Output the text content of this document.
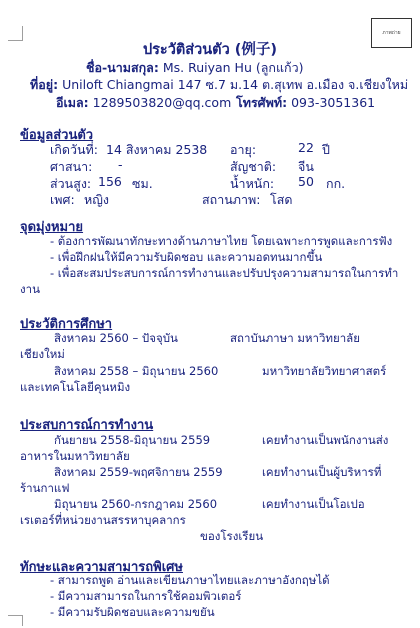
ภาพถ่าย
ประวัติส่วนตัว (例子)
ชื่อ-นามสกุล: Ms. Ruiyan Hu (ลูกแก้ว)
ที่อยู่: Uniloft Chiangmai 147 ซ.7 ม.14 ต.สุเทพ อ.เมือง จ.เชียงใหม่
อีเมล: 1289503820@qq.com โทรศัพท์: 093-3051361
ข้อมูลส่วนตัว
เกิดวันที่: 14 สิงหาคม 2538 อายุ:	22 ปี
ศาสนา: -	สัญชาติ: จีน
ส่วนสูง: 156 ซม.	น้ำหนัก: 50 กก.
เพศ: หญิง	สถานภาพ: โสด
จุดมุ่งหมาย
- ต้องการพัฒนาทักษะทางด้านภาษาไทย โดยเฉพาะการพูดและการฟัง
- เพื่อฝึกฝนให้มีความรับผิดชอบ และความอดทนมากขึ้น
- เพื่อสะสมประสบการณ์การทำงานและปรับปรุงความสามารถในการทำ
งาน
ประวัติการศึกษา
สิงหาคม 2560 – ปัจจุบัน	สถาบันภาษา มหาวิทยาลัย
เชียงใหม่
สิงหาคม 2558 – มิถุนายน 2560	มหาวิทยาลัยวิทยาศาสตร์
และเทคโนโลยีคุนหมิง
ประสบการณ์การทำงาน
กันยายน 2558-มิถุนายน 2559	เคยทำงานเป็นพนักงานส่ง
อาหารในมหาวิทยาลัย
สิงหาคม 2559-พฤศจิกายน 2559	เคยทำงานเป็นผู้บริหารที่
ร้านกาแฟ
มิถุนายน 2560-กรกฎาคม 2560	เคยทำงานเป็นโอเปอ
เรเตอร์ที่หน่วยงานสรรหาบุคลากร
ของโรงเรียน
ทักษะและความสามารถพิเศษ
- สามารถพูด อ่านและเขียนภาษาไทยและภาษาอังกฤษได้
- มีความสามารถในการใช้คอมพิวเตอร์
- มีความรับผิดชอบและความขยัน
